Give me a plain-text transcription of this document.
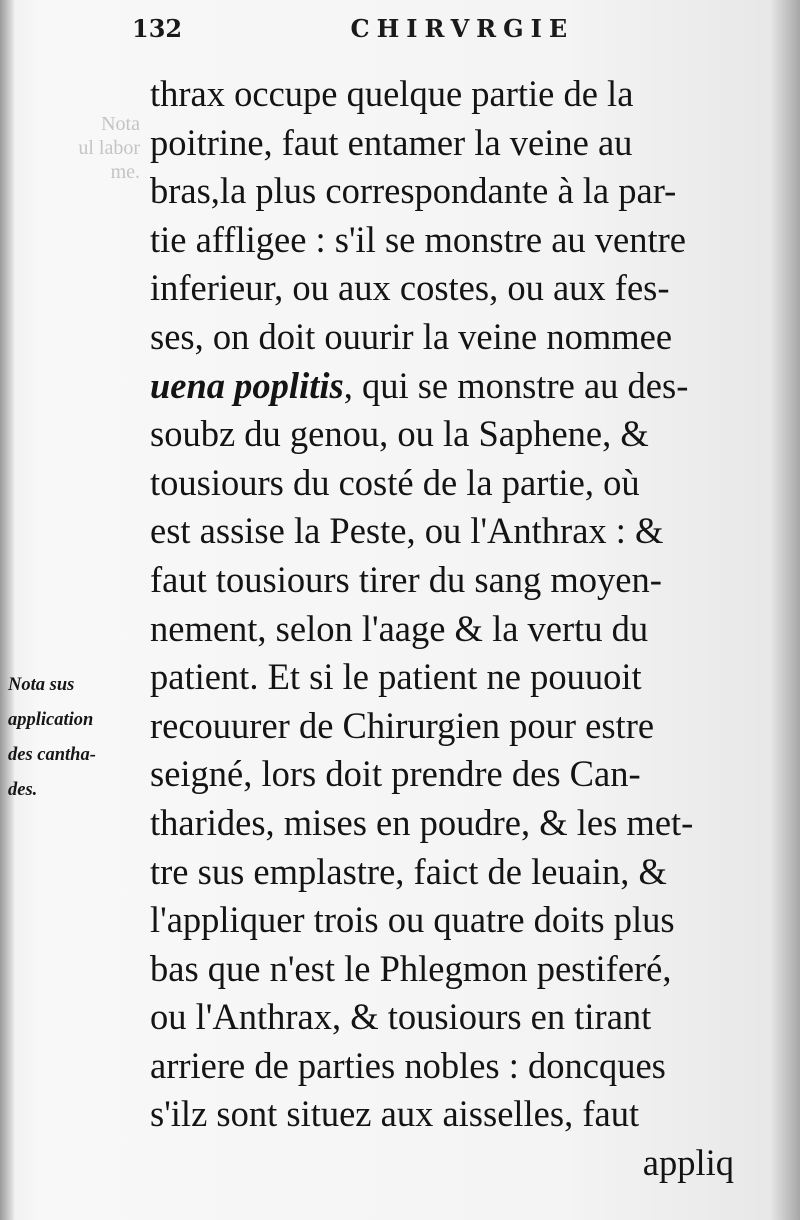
Nota
ul labor
me.
132	CHIRVRGIE
Nota sus
application
des cantha-
des.
thrax occupe quelque partie de la
poitrine, faut entamer la veine au
bras,la plus correspondante à la par-
tie affligee : s'il se monstre au ventre
inferieur, ou aux costes, ou aux fes-
ses, on doit ouurir la veine nommee
uena poplitis, qui se monstre au des-
soubz du genou, ou la Saphene, &
tousiours du costé de la partie, où
est assise la Peste, ou l'Anthrax : &
faut tousiours tirer du sang moyen-
nement, selon l'aage & la vertu du
patient. Et si le patient ne pouuoit
recouurer de Chirurgien pour estre
seigné, lors doit prendre des Can-
tharides, mises en poudre, & les met-
tre sus emplastre, faict de leuain, &
l'appliquer trois ou quatre doits plus
bas que n'est le Phlegmon pestiferé,
ou l'Anthrax, & tousiours en tirant
arriere de parties nobles : doncques
s'ilz sont situez aux aisselles, faut
appliq
